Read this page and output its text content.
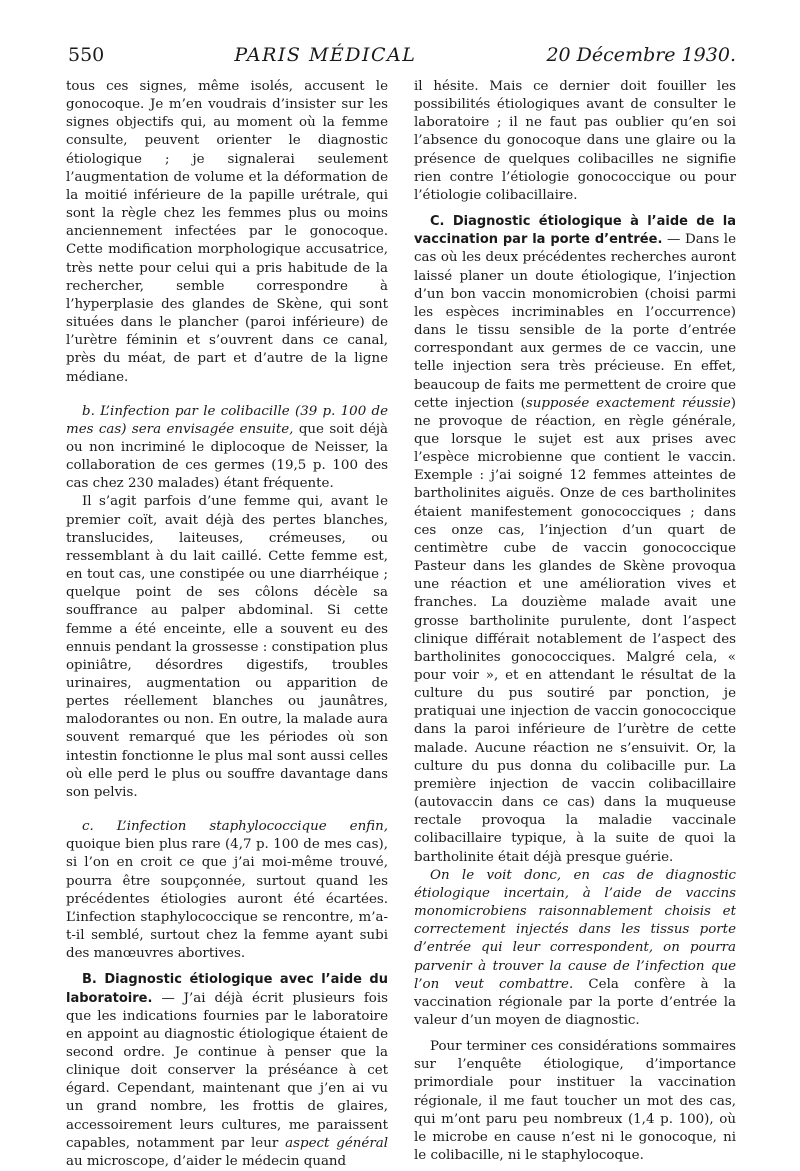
550	PARIS MÉDICAL	20 Décembre 1930.

tous ces signes, même isolés, accusent le gonocoque. Je m’en voudrais d’insister sur les signes objectifs qui, au moment où la femme consulte, peuvent orienter le diagnostic étiologique ; je signalerai seulement l’augmentation de volume et la déformation de la moitié inférieure de la papille urétrale, qui sont la règle chez les femmes plus ou moins anciennement infectées par le gonocoque. Cette modification morphologique accusatrice, très nette pour celui qui a pris habitude de la rechercher, semble correspondre à l’hyperplasie des glandes de Skène, qui sont situées dans le plancher (paroi inférieure) de l’urètre féminin et s’ouvrent dans ce canal, près du méat, de part et d’autre de la ligne médiane.

b. L’infection par le colibacille (39 p. 100 de mes cas) sera envisagée ensuite, que soit déjà ou non incriminé le diplocoque de Neisser, la collaboration de ces germes (19,5 p. 100 des cas chez 230 malades) étant fréquente.

Il s’agit parfois d’une femme qui, avant le premier coït, avait déjà des pertes blanches, translucides, laiteuses, crémeuses, ou ressemblant à du lait caillé. Cette femme est, en tout cas, une constipée ou une diarrhéique ; quelque point de ses côlons décèle sa souffrance au palper abdominal. Si cette femme a été enceinte, elle a souvent eu des ennuis pendant la grossesse : constipation plus opiniâtre, désordres digestifs, troubles urinaires, augmentation ou apparition de pertes réellement blanches ou jaunâtres, malodorantes ou non. En outre, la malade aura souvent remarqué que les périodes où son intestin fonctionne le plus mal sont aussi celles où elle perd le plus ou souffre davantage dans son pelvis.

c. L’infection staphylococcique enfin, quoique bien plus rare (4,7 p. 100 de mes cas), si l’on en croit ce que j’ai moi-même trouvé, pourra être soupçonnée, surtout quand les précédentes étiologies auront été écartées. L’infection staphylococcique se rencontre, m’a-t-il semblé, surtout chez la femme ayant subi des manœuvres abortives.

B. Diagnostic étiologique avec l’aide du laboratoire. — J’ai déjà écrit plusieurs fois que les indications fournies par le laboratoire en appoint au diagnostic étiologique étaient de second ordre. Je continue à penser que la clinique doit conserver la préséance à cet égard. Cependant, maintenant que j’en ai vu un grand nombre, les frottis de glaires, accessoirement leurs cultures, me paraissent capables, notamment par leur aspect général au microscope, d’aider le médecin quand

il hésite. Mais ce dernier doit fouiller les possibilités étiologiques avant de consulter le laboratoire ; il ne faut pas oublier qu’en soi l’absence du gonocoque dans une glaire ou la présence de quelques colibacilles ne signifie rien contre l’étiologie gonococcique ou pour l’étiologie colibacillaire.

C. Diagnostic étiologique à l’aide de la vaccination par la porte d’entrée. — Dans le cas où les deux précédentes recherches auront laissé planer un doute étiologique, l’injection d’un bon vaccin monomicrobien (choisi parmi les espèces incriminables en l’occurrence) dans le tissu sensible de la porte d’entrée correspondant aux germes de ce vaccin, une telle injection sera très précieuse. En effet, beaucoup de faits me permettent de croire que cette injection (supposée exactement réussie) ne provoque de réaction, en règle générale, que lorsque le sujet est aux prises avec l’espèce microbienne que contient le vaccin. Exemple : j’ai soigné 12 femmes atteintes de bartholinites aiguës. Onze de ces bartholinites étaient manifestement gonococciques ; dans ces onze cas, l’injection d’un quart de centimètre cube de vaccin gonococcique Pasteur dans les glandes de Skène provoqua une réaction et une amélioration vives et franches. La douzième malade avait une grosse bartholinite purulente, dont l’aspect clinique différait notablement de l’aspect des bartholinites gonococciques. Malgré cela, « pour voir », et en attendant le résultat de la culture du pus soutiré par ponction, je pratiquai une injection de vaccin gonococcique dans la paroi inférieure de l’urètre de cette malade. Aucune réaction ne s’ensuivit. Or, la culture du pus donna du colibacille pur. La première injection de vaccin colibacillaire (autovaccin dans ce cas) dans la muqueuse rectale provoqua la maladie vaccinale colibacillaire typique, à la suite de quoi la bartholinite était déjà presque guérie.

On le voit donc, en cas de diagnostic étiologique incertain, à l’aide de vaccins monomicrobiens raisonnablement choisis et correctement injectés dans les tissus porte d’entrée qui leur correspondent, on pourra parvenir à trouver la cause de l’infection que l’on veut combattre. Cela confère à la vaccination régionale par la porte d’entrée la valeur d’un moyen de diagnostic.

Pour terminer ces considérations sommaires sur l’enquête étiologique, d’importance primordiale pour instituer la vaccination régionale, il me faut toucher un mot des cas, qui m’ont paru peu nombreux (1,4 p. 100), où le microbe en cause n’est ni le gonocoque, ni le colibacille, ni le staphylocoque.
